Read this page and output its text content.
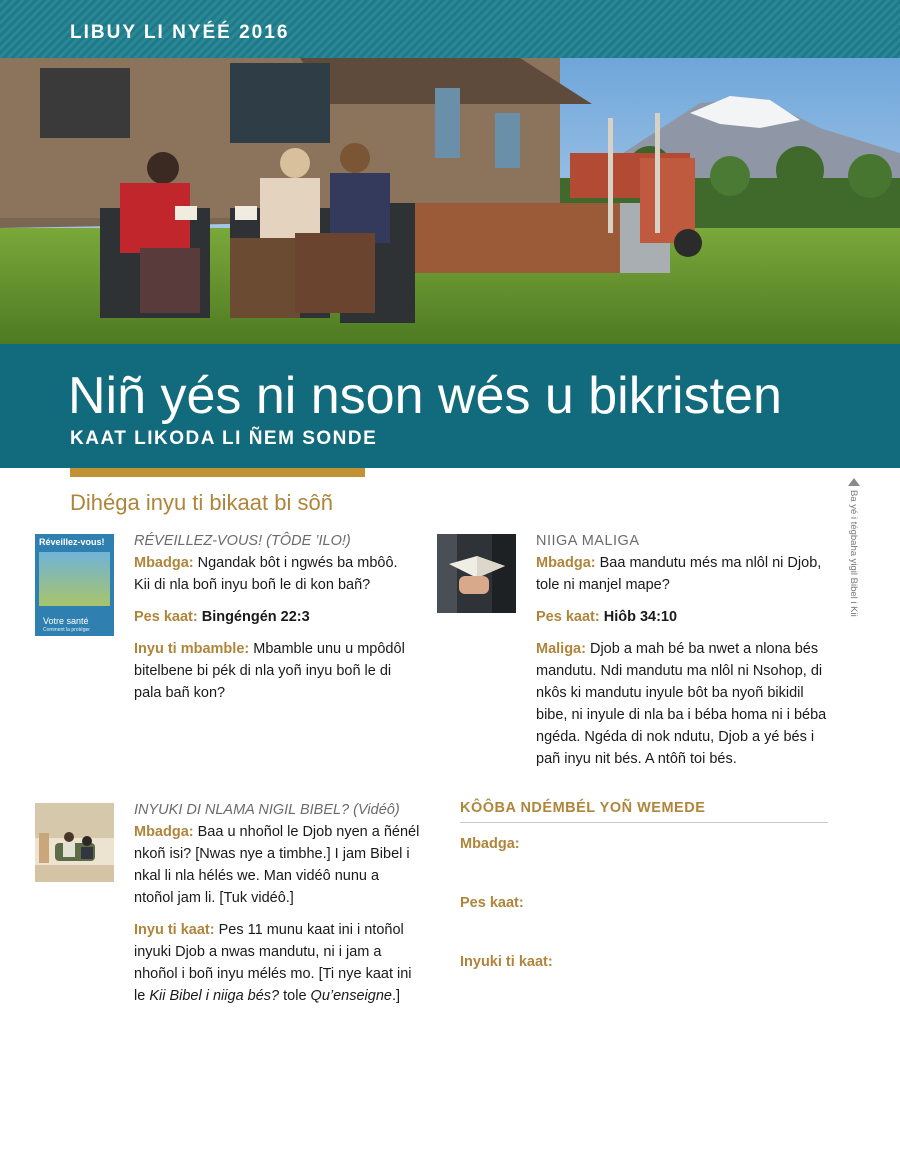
LIBUY LI NYÉÉ 2016
Niñ yés ni nson wés u bikristen
KAAT LIKODA LI ÑEM SONDE
Dihéga inyu ti bikaat bi sôñ	Ba yé i tégbaha yigil Bibel i Kii
Réveillez-vous!
Votre santé
Comment la protéger
RÉVEILLEZ-VOUS! (TÔDE ’ILO!)

Mbadga: Ngandak bôt i ngwés ba mbôô. Kii di nla boñ inyu boñ le di kon bañ?

Pes kaat: Bingéngén 22:3

Inyu ti mbamble: Mbamble unu u mpôdôl bitelbene bi pék di nla yoñ inyu boñ le di pala bañ kon?

NIIGA MALIGA

Mbadga: Baa mandutu més ma nlôl ni Djob, tole ni manjel mape?

Pes kaat: Hiôb 34:10

Maliga: Djob a mah bé ba nwet a nlona bés mandutu. Ndi mandutu ma nlôl ni Nsohop, di nkôs ki mandutu inyule bôt ba nyoñ bikidil bibe, ni inyule di nla ba i béba homa ni i béba ngéda. Ngéda di nok ndutu, Djob a yé bés i pañ inyu nit bés. A ntôñ toi bés.

INYUKI DI NLAMA NIGIL BIBEL? (Vidéô)

Mbadga: Baa u nhoñol le Djob nyen a ñénél nkoñ isi? [Nwas nye a timbhe.] I jam Bibel i nkal li nla hélés we. Man vidéô nunu a ntoñol jam li. [Tuk vidéô.]

Inyu ti kaat: Pes 11 munu kaat ini i ntoñol inyuki Djob a nwas mandutu, ni i jam a nhoñol i boñ inyu mélés mo. [Ti nye kaat ini le Kii Bibel i niiga bés? tole Qu’enseigne.]

KÔÔBA NDÉMBÉL YOÑ WEMEDE
Mbadga:
Pes kaat:
Inyuki ti kaat:
